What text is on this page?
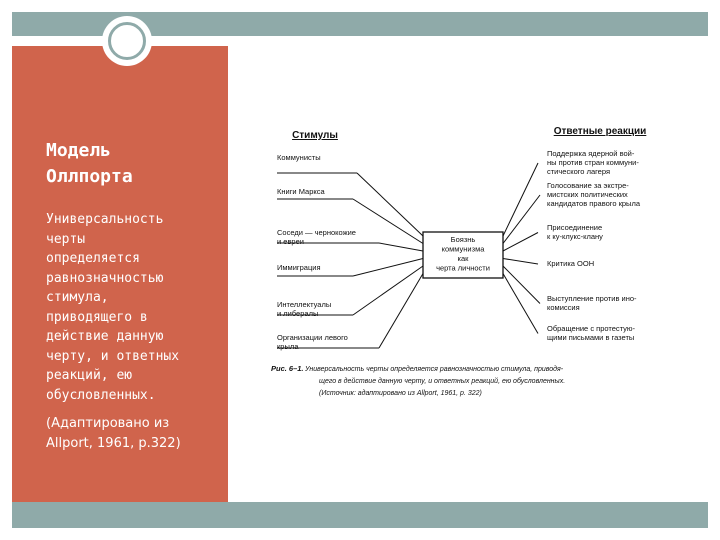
Модель
Оллпорта

Универсальность
черты
определяется
равнозначностью
стимула,
приводящего в
действие данную
черту, и ответных
реакций, ею
обусловленных.

(Адаптировано из
Allport, 1961, p.322)

Стимулы	Ответные реакции
Боязнь
коммунизма
как
черта личности
Коммунисты
Книги Маркса
Соседи — чернокожие
и евреи
Иммиграция
Интеллектуалы
и либералы
Организации левого
крыла
Поддержка ядерной вой-
ны против стран коммуни-
стического лагеря
Голосование за экстре-
мистских политических
кандидатов правого крыла
Присоединение
к ку-клукс-клану
Критика ООН
Выступление против ино-
комиссия
Обращение с протестую-
щими письмами в газеты
Универсальность черты определяется равнозначностью стимула, приводя-
щего в действие данную черту, и ответных реакций, ею обусловленных.
(Источник: адаптировано из Allport, 1961, p. 322)
Рис. 6–1.
